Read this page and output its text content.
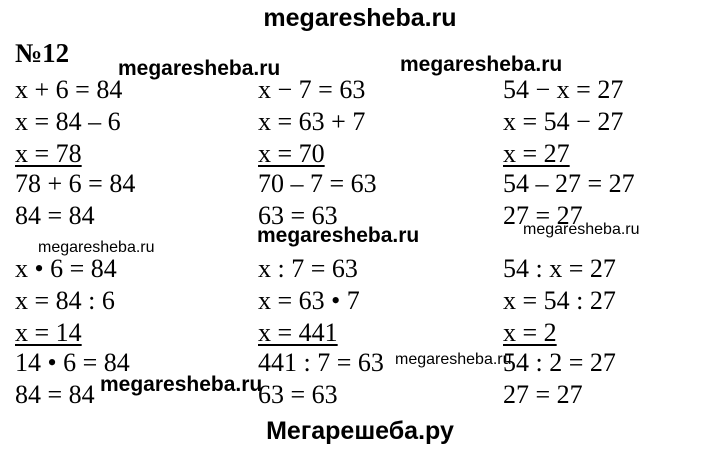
megaresheba.ru
Мегарешеба.ру
№12
x + 6 = 84
x = 84 – 6
x = 78
78 + 6 = 84
84 = 84
x − 7 = 63
x = 63 + 7
x = 70
70 – 7 = 63
63 = 63
54 − x = 27
x = 54 − 27
x = 27
54 – 27 = 27
27 = 27
x • 6 = 84
x = 84 : 6
x = 14
14 • 6 = 84
84 = 84
x : 7 = 63
x = 63 • 7
x = 441
441 : 7 = 63
63 = 63
54 : x = 27
x = 54 : 27
x = 2
54 : 2 = 27
27 = 27
megaresheba.ru	megaresheba.ru
megaresheba.ru
megaresheba.ru	megaresheba.ru
megaresheba.ru
megaresheba.ru
